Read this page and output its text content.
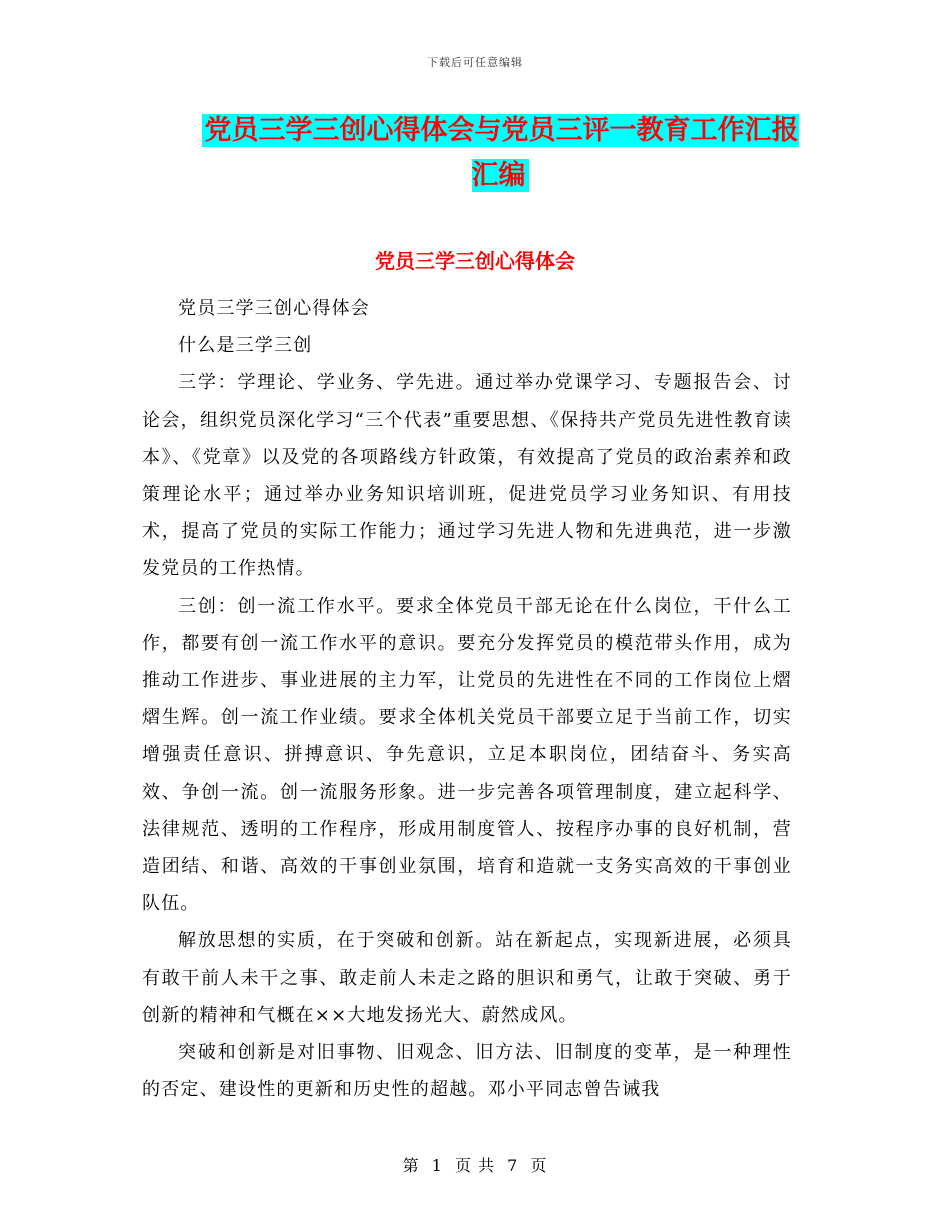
下载后可任意编辑
党员三学三创心得体会与党员三评一教育工作汇报汇编
党员三学三创心得体会

党员三学三创心得体会

什么是三学三创

三学：学理论、学业务、学先进。通过举办党课学习、专题报告会、讨论会，组织党员深化学习“三个代表”重要思想、《保持共产党员先进性教育读本》、《党章》以及党的各项路线方针政策，有效提高了党员的政治素养和政策理论水平；通过举办业务知识培训班，促进党员学习业务知识、有用技术，提高了党员的实际工作能力；通过学习先进人物和先进典范，进一步激发党员的工作热情。

三创：创一流工作水平。要求全体党员干部无论在什么岗位，干什么工作，都要有创一流工作水平的意识。要充分发挥党员的模范带头作用，成为推动工作进步、事业进展的主力军，让党员的先进性在不同的工作岗位上熠熠生辉。创一流工作业绩。要求全体机关党员干部要立足于当前工作，切实增强责任意识、拼搏意识、争先意识，立足本职岗位，团结奋斗、务实高效、争创一流。创一流服务形象。进一步完善各项管理制度，建立起科学、法律规范、透明的工作程序，形成用制度管人、按程序办事的良好机制，营造团结、和谐、高效的干事创业氛围，培育和造就一支务实高效的干事创业队伍。

解放思想的实质，在于突破和创新。站在新起点，实现新进展，必须具有敢干前人未干之事、敢走前人未走之路的胆识和勇气，让敢于突破、勇于创新的精神和气概在××大地发扬光大、蔚然成风。

突破和创新是对旧事物、旧观念、旧方法、旧制度的变革，是一种理性的否定、建设性的更新和历史性的超越。邓小平同志曾告诫我

第 1 页 共 7 页
